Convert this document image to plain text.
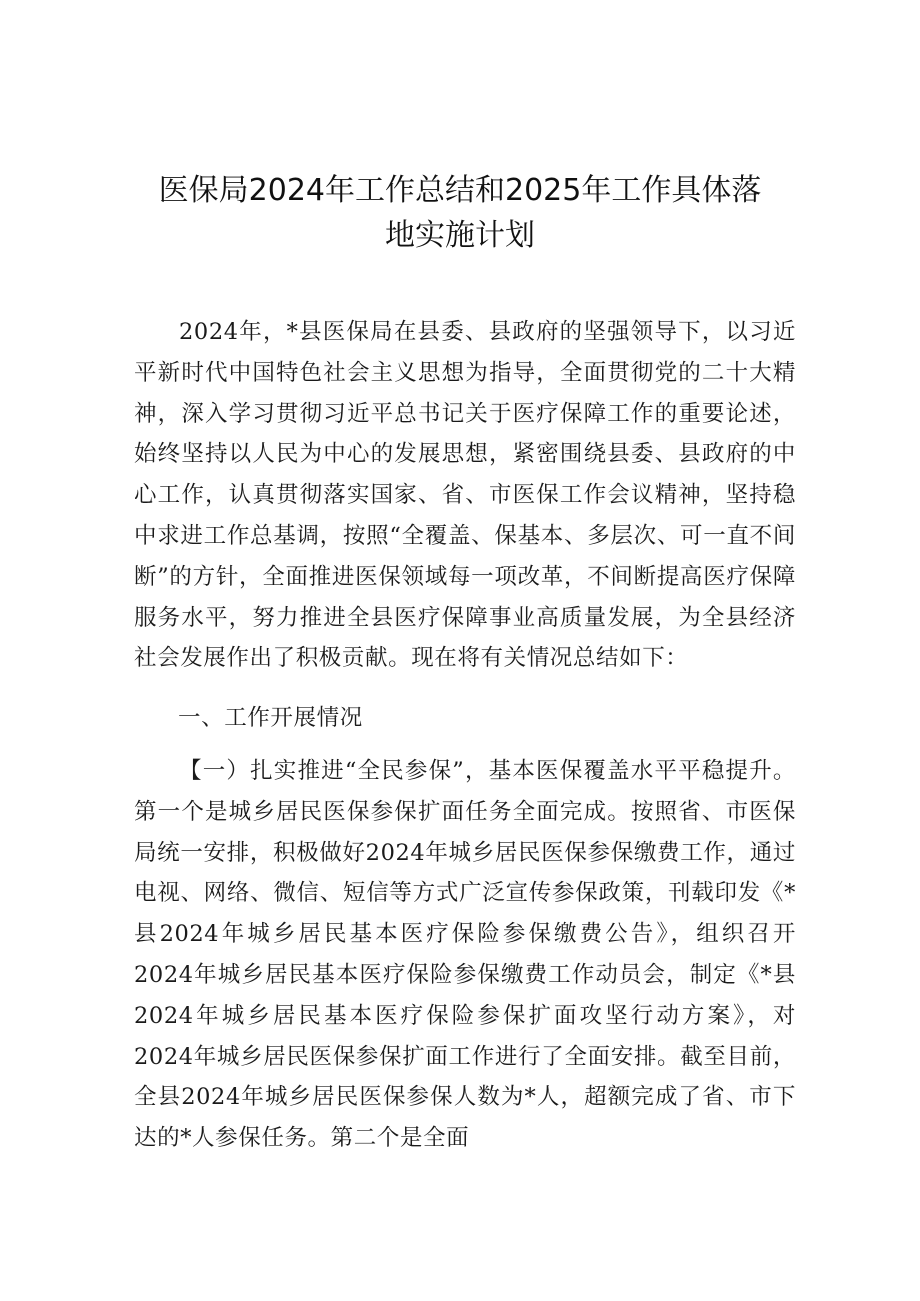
医保局2024年工作总结和2025年工作具体落
地实施计划

2024年，*县医保局在县委、县政府的坚强领导下，以习近平新时代中国特色社会主义思想为指导，全面贯彻党的二十大精神，深入学习贯彻习近平总书记关于医疗保障工作的重要论述，始终坚持以人民为中心的发展思想，紧密围绕县委、县政府的中心工作，认真贯彻落实国家、省、市医保工作会议精神，坚持稳中求进工作总基调，按照“全覆盖、保基本、多层次、可一直不间断”的方针，全面推进医保领域每一项改革，不间断提高医疗保障服务水平，努力推进全县医疗保障事业高质量发展，为全县经济社会发展作出了积极贡献。现在将有关情况总结如下：

一、工作开展情况

【一）扎实推进“全民参保”，基本医保覆盖水平平稳提升。第一个是城乡居民医保参保扩面任务全面完成。按照省、市医保局统一安排，积极做好2024年城乡居民医保参保缴费工作，通过电视、网络、微信、短信等方式广泛宣传参保政策，刊载印发《*县2024年城乡居民基本医疗保险参保缴费公告》，组织召开2024年城乡居民基本医疗保险参保缴费工作动员会，制定《*县2024年城乡居民基本医疗保险参保扩面攻坚行动方案》，对2024年城乡居民医保参保扩面工作进行了全面安排。截至目前，全县2024年城乡居民医保参保人数为*人，超额完成了省、市下达的*人参保任务。第二个是全面
